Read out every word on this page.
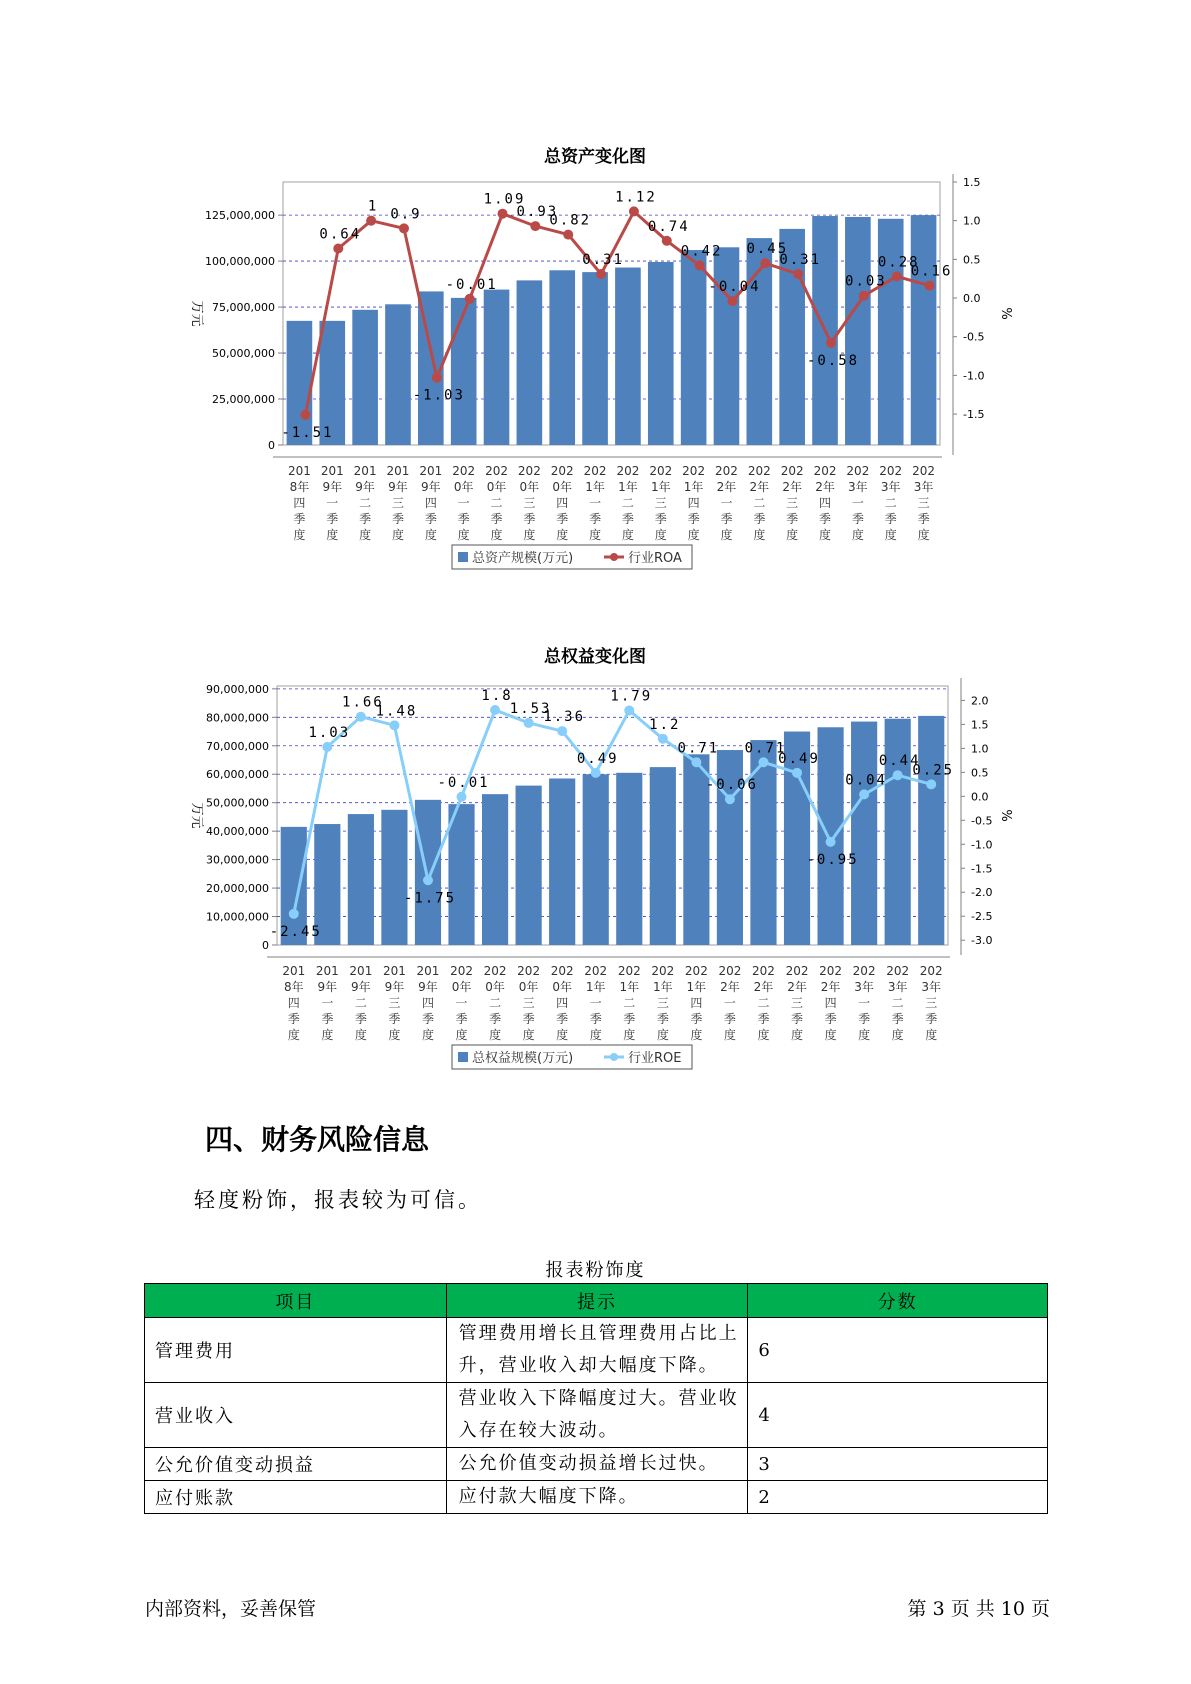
总资产变化图
0
25,000,000
50,000,000
75,000,000
100,000,000
125,000,000
-1.5
-1.0
-0.5
0.0
0.5
1.0
1.5
万元	%
201 8年四季度
201 9年一季度
201 9年二季度
201 9年三季度
201 9年四季度
202 0年一季度
202 0年二季度
202 0年三季度
202 0年四季度
202 1年一季度
202 1年二季度
202 1年三季度
202 1年四季度
202 2年一季度
202 2年二季度
202 2年三季度
202 2年四季度
202 3年一季度
202 3年二季度
202 3年三季度
-1.51
0.64
1 0.9
-1.03
-0.01
1.09
0.93
0.82
0.31
1.12
0.74
0.42
-0.04
0.45
0.31
-0.58
0.03
0.28
0.16
总资产规模(万元)	行业ROA
总权益变化图
0
10,000,000
20,000,000
30,000,000
40,000,000
50,000,000
60,000,000
70,000,000
80,000,000
90,000,000
-3.0
-2.5
-2.0
-1.5
-1.0
-0.5
0.0
0.5
1.0
1.5
2.0
万元	%
201 8年四季度
201 9年一季度
201 9年二季度
201 9年三季度
201 9年四季度
202 0年一季度
202 0年二季度
202 0年三季度
202 0年四季度
202 1年一季度
202 1年二季度
202 1年三季度
202 1年四季度
202 2年一季度
202 2年二季度
202 2年三季度
202 2年四季度
202 3年一季度
202 3年二季度
202 3年三季度
-2.45
1.03
1.66
1.48
-1.75
-0.01
1.8
1.53
1.36
0.49
1.79
1.2
0.71
-0.06
0.71
0.49
-0.95
0.04
0.44
0.25
总权益规模(万元)	行业ROE
四、财务风险信息

轻度粉饰，报表较为可信。

报表粉饰度
项目	提示	分数
管理费用	管理费用增长且管理费用占比上升，营业收入却大幅度下降。	6
营业收入	营业收入下降幅度过大。营业收入存在较大波动。	4
公允价值变动损益	公允价值变动损益增长过快。	3
应付账款	应付款大幅度下降。	2
内部资料，妥善保管	第 3 页 共 10 页
